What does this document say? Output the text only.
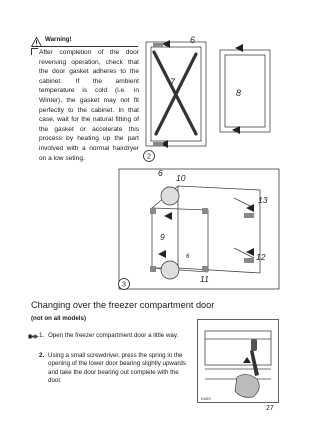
Warning!
After completion of the door reversing operation, check that the door gasket adheres to the cabinet. If the ambient temperature is cold (i.e. in Winter), the gasket may not fit perfectly to the cabinet. In that case, wait for the natural fitting of the gasket or accelerate this process by heating up the part involved with a normal hairdryer on a low seting.
6
7
8
2
6 10
13
9
12
11
6
3
Changing over the freezer compartment door
(not on all models)
1. Open the freezer compartment door a little way.
2. Using a small screwdriver, press the spring in the opening of the lower door bearing slightly upwards and take the door bearing out complete with the door.
D069
27
